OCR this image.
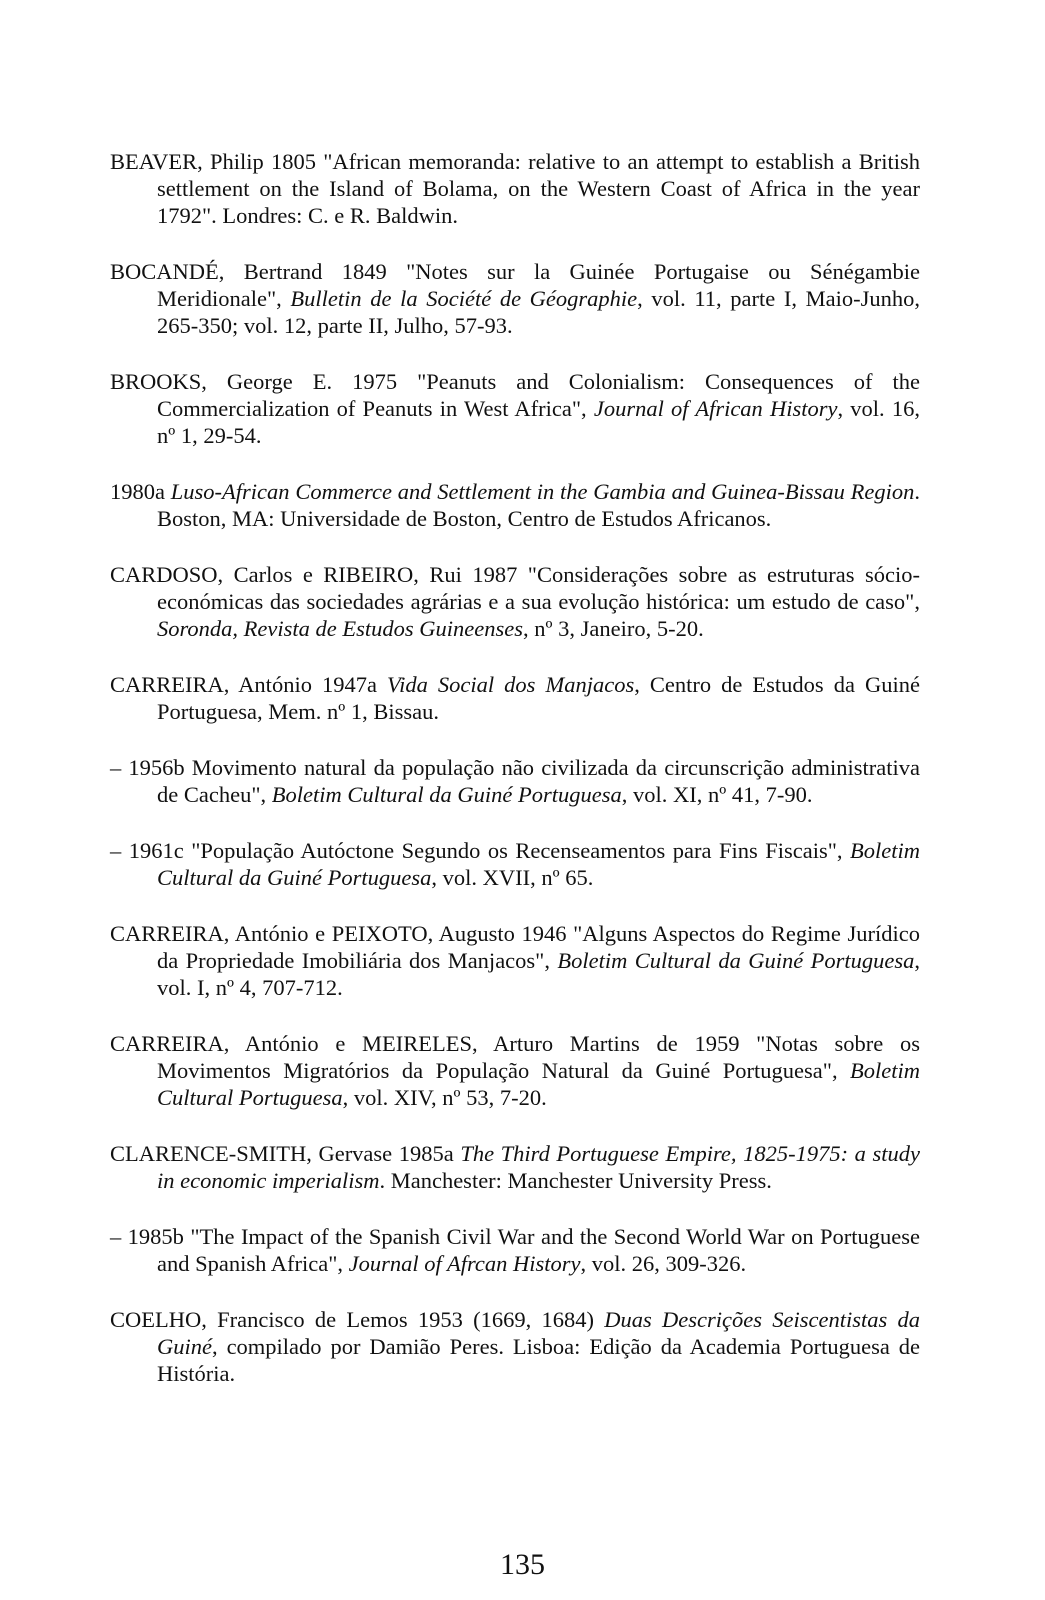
BEAVER, Philip 1805 "African memoranda: relative to an attempt to establish a British settlement on the Island of Bolama, on the Western Coast of Africa in the year 1792". Londres: C. e R. Baldwin.

BOCANDÉ, Bertrand 1849 "Notes sur la Guinée Portugaise ou Sénégambie Meridionale", Bulletin de la Société de Géographie, vol. 11, parte I, Maio-Junho, 265-350; vol. 12, parte II, Julho, 57-93.

BROOKS, George E. 1975 "Peanuts and Colonialism: Consequences of the Commercialization of Peanuts in West Africa", Journal of African History, vol. 16, nº 1, 29-54.

1980a Luso-African Commerce and Settlement in the Gambia and Guinea-Bissau Region. Boston, MA: Universidade de Boston, Centro de Estudos Africanos.

CARDOSO, Carlos e RIBEIRO, Rui 1987 "Considerações sobre as estruturas sócio-económicas das sociedades agrárias e a sua evolução histórica: um estudo de caso", Soronda, Revista de Estudos Guineenses, nº 3, Janeiro, 5-20.

CARREIRA, António 1947a Vida Social dos Manjacos, Centro de Estudos da Guiné Portuguesa, Mem. nº 1, Bissau.

– 1956b Movimento natural da população não civilizada da circunscrição administrativa de Cacheu", Boletim Cultural da Guiné Portuguesa, vol. XI, nº 41, 7-90.

– 1961c "População Autóctone Segundo os Recenseamentos para Fins Fiscais", Boletim Cultural da Guiné Portuguesa, vol. XVII, nº 65.

CARREIRA, António e PEIXOTO, Augusto 1946 "Alguns Aspectos do Regime Jurídico da Propriedade Imobiliária dos Manjacos", Boletim Cultural da Guiné Portuguesa, vol. I, nº 4, 707-712.

CARREIRA, António e MEIRELES, Arturo Martins de 1959 "Notas sobre os Movimentos Migratórios da População Natural da Guiné Portuguesa", Boletim Cultural Portuguesa, vol. XIV, nº 53, 7-20.

CLARENCE-SMITH, Gervase 1985a The Third Portuguese Empire, 1825-1975: a study in economic imperialism. Manchester: Manchester University Press.

– 1985b "The Impact of the Spanish Civil War and the Second World War on Portuguese and Spanish Africa", Journal of Afrcan History, vol. 26, 309-326.

COELHO, Francisco de Lemos 1953 (1669, 1684) Duas Descrições Seiscentistas da Guiné, compilado por Damião Peres. Lisboa: Edição da Academia Portuguesa de História.

135
